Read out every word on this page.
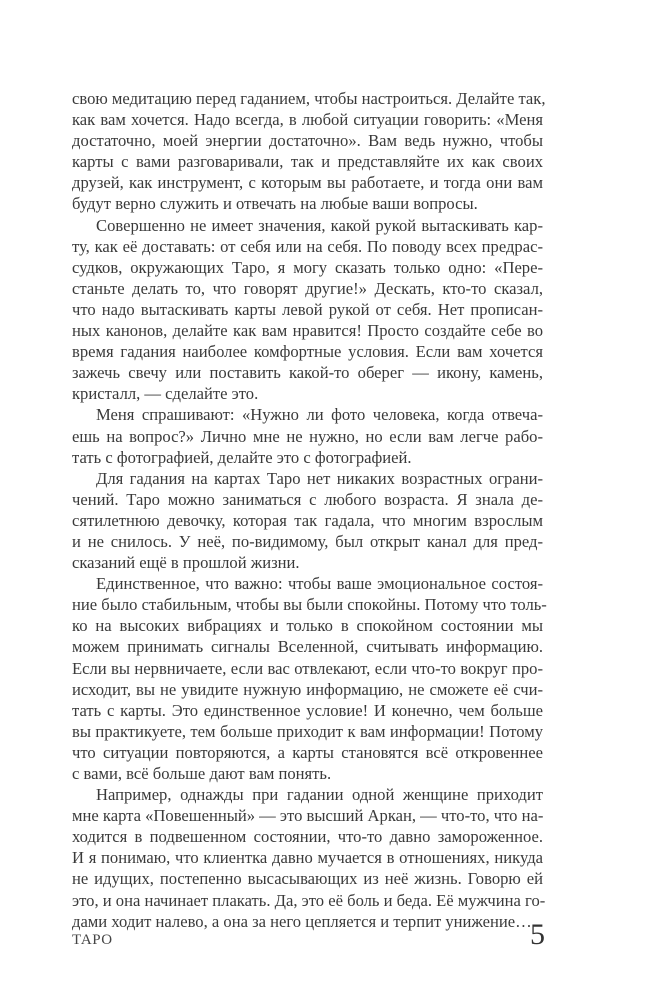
свою медитацию перед гаданием, чтобы настроиться. Делайте так,
как вам хочется. Надо всегда, в любой ситуации говорить: «Меня
достаточно, моей энергии достаточно». Вам ведь нужно, чтобы
карты с вами разговаривали, так и представляйте их как своих
друзей, как инструмент, с которым вы работаете, и тогда они вам
будут верно служить и отвечать на любые ваши вопросы.
Совершенно не имеет значения, какой рукой вытаскивать кар-
ту, как её доставать: от себя или на себя. По поводу всех предрас-
судков, окружающих Таро, я могу сказать только одно: «Пере-
станьте делать то, что говорят другие!» Дескать, кто-то сказал,
что надо вытаскивать карты левой рукой от себя. Нет прописан-
ных канонов, делайте как вам нравится! Просто создайте себе во
время гадания наиболее комфортные условия. Если вам хочется
зажечь свечу или поставить какой-то оберег — икону, камень,
кристалл, — сделайте это.
Меня спрашивают: «Нужно ли фото человека, когда отвеча-
ешь на вопрос?» Лично мне не нужно, но если вам легче рабо-
тать с фотографией, делайте это с фотографией.
Для гадания на картах Таро нет никаких возрастных ограни-
чений. Таро можно заниматься с любого возраста. Я знала де-
сятилетнюю девочку, которая так гадала, что многим взрослым
и не снилось. У неё, по-видимому, был открыт канал для пред-
сказаний ещё в прошлой жизни.
Единственное, что важно: чтобы ваше эмоциональное состоя-
ние было стабильным, чтобы вы были спокойны. Потому что толь-
ко на высоких вибрациях и только в спокойном состоянии мы
можем принимать сигналы Вселенной, считывать информацию.
Если вы нервничаете, если вас отвлекают, если что-то вокруг про-
исходит, вы не увидите нужную информацию, не сможете её счи-
тать с карты. Это единственное условие! И конечно, чем больше
вы практикуете, тем больше приходит к вам информации! Потому
что ситуации повторяются, а карты становятся всё откровеннее
с вами, всё больше дают вам понять.
Например, однажды при гадании одной женщине приходит
мне карта «Повешенный» — это высший Аркан, — что-то, что на-
ходится в подвешенном состоянии, что-то давно замороженное.
И я понимаю, что клиентка давно мучается в отношениях, никуда
не идущих, постепенно высасывающих из неё жизнь. Говорю ей
это, и она начинает плакать. Да, это её боль и беда. Её мужчина го-
дами ходит налево, а она за него цепляется и терпит унижение…
ТАРО	5
